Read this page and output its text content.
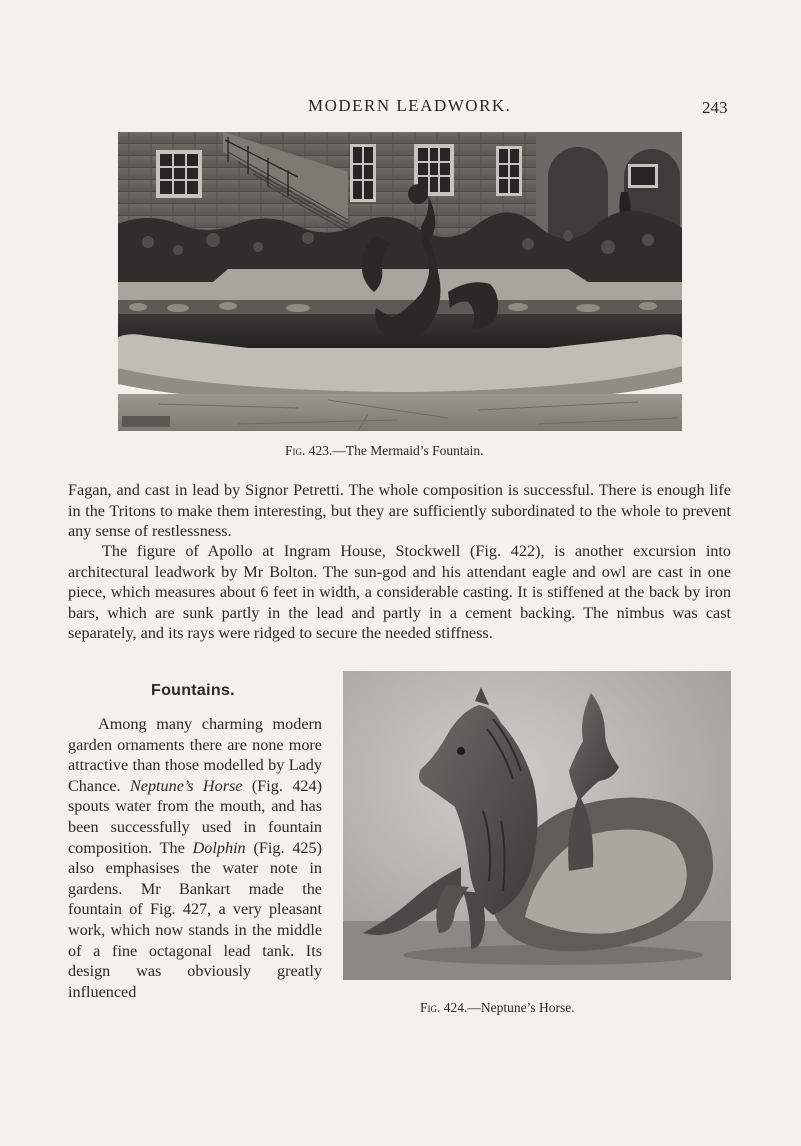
MODERN LEADWORK.	243
Fig. 423.—The Mermaid’s Fountain.

Fagan, and cast in lead by Signor Petretti. The whole composition is successful. There is enough life in the Tritons to make them interesting, but they are sufficiently subordinated to the whole to prevent any sense of restlessness.

The figure of Apollo at Ingram House, Stockwell (Fig. 422), is another excursion into architectural leadwork by Mr Bolton. The sun-god and his attendant eagle and owl are cast in one piece, which measures about 6 feet in width, a considerable casting. It is stiffened at the back by iron bars, which are sunk partly in the lead and partly in a cement backing. The nimbus was cast separately, and its rays were ridged to secure the needed stiffness.

Fountains.

Among many charming modern garden ornaments there are none more attractive than those modelled by Lady Chance. Neptune’s Horse (Fig. 424) spouts water from the mouth, and has been successfully used in fountain composition. The Dolphin (Fig. 425) also emphasises the water note in gardens. Mr Bankart made the fountain of Fig. 427, a very pleasant work, which now stands in the middle of a fine octagonal lead tank. Its design was obviously greatly influenced

Fig. 424.—Neptune’s Horse.
